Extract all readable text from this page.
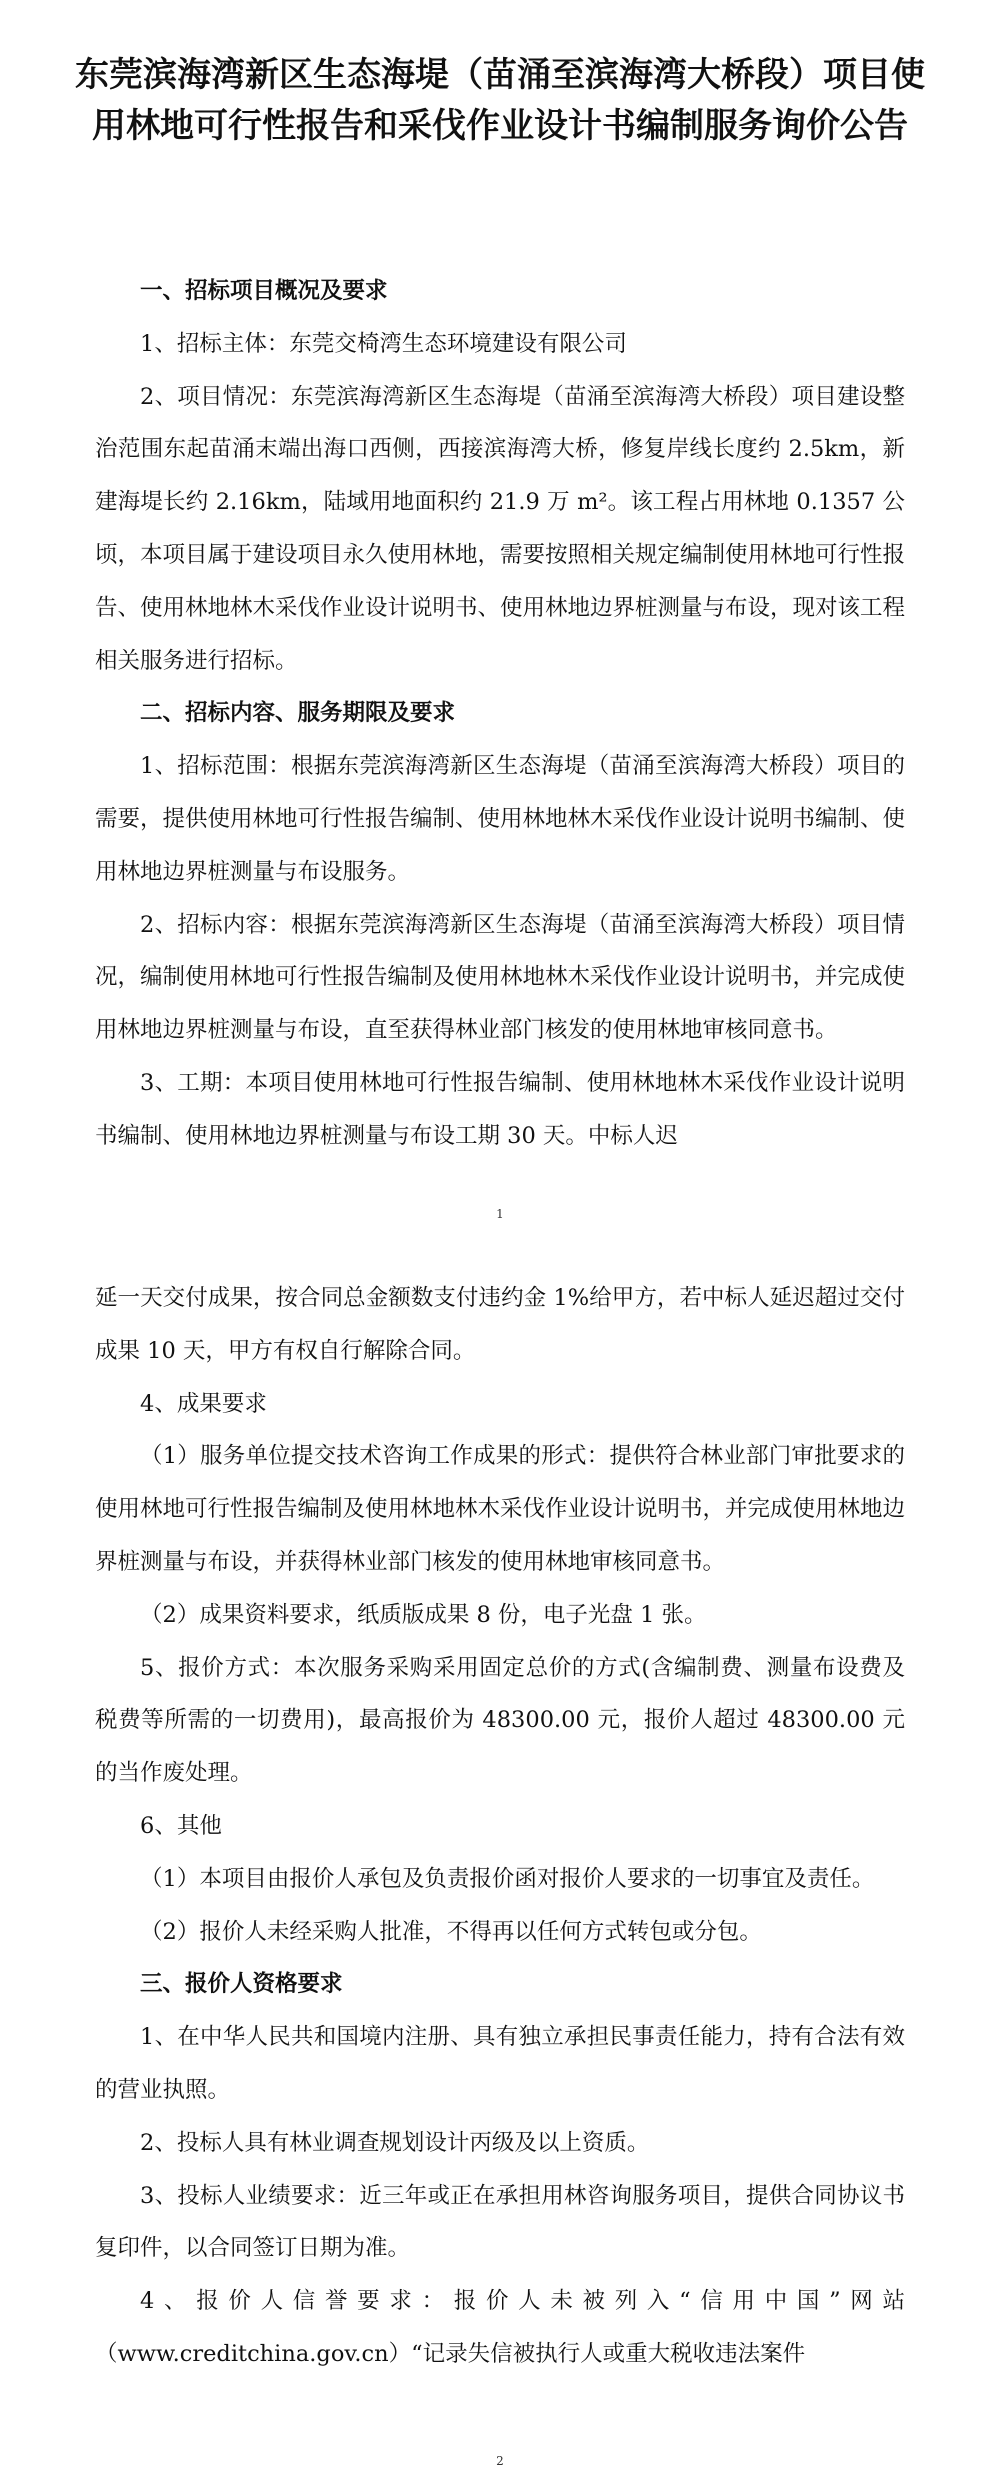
东莞滨海湾新区生态海堤（苗涌至滨海湾大桥段）项目使用林地可行性报告和采伐作业设计书编制服务询价公告

一、招标项目概况及要求

1、招标主体：东莞交椅湾生态环境建设有限公司

2、项目情况：东莞滨海湾新区生态海堤（苗涌至滨海湾大桥段）项目建设整治范围东起苗涌末端出海口西侧，西接滨海湾大桥，修复岸线长度约 2.5km，新建海堤长约 2.16km，陆域用地面积约 21.9 万 m²。该工程占用林地 0.1357 公顷，本项目属于建设项目永久使用林地，需要按照相关规定编制使用林地可行性报告、使用林地林木采伐作业设计说明书、使用林地边界桩测量与布设，现对该工程相关服务进行招标。

二、招标内容、服务期限及要求

1、招标范围：根据东莞滨海湾新区生态海堤（苗涌至滨海湾大桥段）项目的需要，提供使用林地可行性报告编制、使用林地林木采伐作业设计说明书编制、使用林地边界桩测量与布设服务。

2、招标内容：根据东莞滨海湾新区生态海堤（苗涌至滨海湾大桥段）项目情况，编制使用林地可行性报告编制及使用林地林木采伐作业设计说明书，并完成使用林地边界桩测量与布设，直至获得林业部门核发的使用林地审核同意书。

3、工期：本项目使用林地可行性报告编制、使用林地林木采伐作业设计说明书编制、使用林地边界桩测量与布设工期 30 天。中标人迟

1

延一天交付成果，按合同总金额数支付违约金 1%给甲方，若中标人延迟超过交付成果 10 天，甲方有权自行解除合同。

4、成果要求

（1）服务单位提交技术咨询工作成果的形式：提供符合林业部门审批要求的使用林地可行性报告编制及使用林地林木采伐作业设计说明书，并完成使用林地边界桩测量与布设，并获得林业部门核发的使用林地审核同意书。

（2）成果资料要求，纸质版成果 8 份，电子光盘 1 张。

5、报价方式：本次服务采购采用固定总价的方式(含编制费、测量布设费及税费等所需的一切费用)，最高报价为 48300.00 元，报价人超过 48300.00 元的当作废处理。

6、其他

（1）本项目由报价人承包及负责报价函对报价人要求的一切事宜及责任。

（2）报价人未经采购人批准，不得再以任何方式转包或分包。

三、报价人资格要求

1、在中华人民共和国境内注册、具有独立承担民事责任能力，持有合法有效的营业执照。

2、投标人具有林业调查规划设计丙级及以上资质。

3、投标人业绩要求：近三年或正在承担用林咨询服务项目，提供合同协议书复印件，以合同签订日期为准。

4、报价人信誉要求：报价人未被列入“信用中国”网站（www.creditchina.gov.cn）“记录失信被执行人或重大税收违法案件

2
